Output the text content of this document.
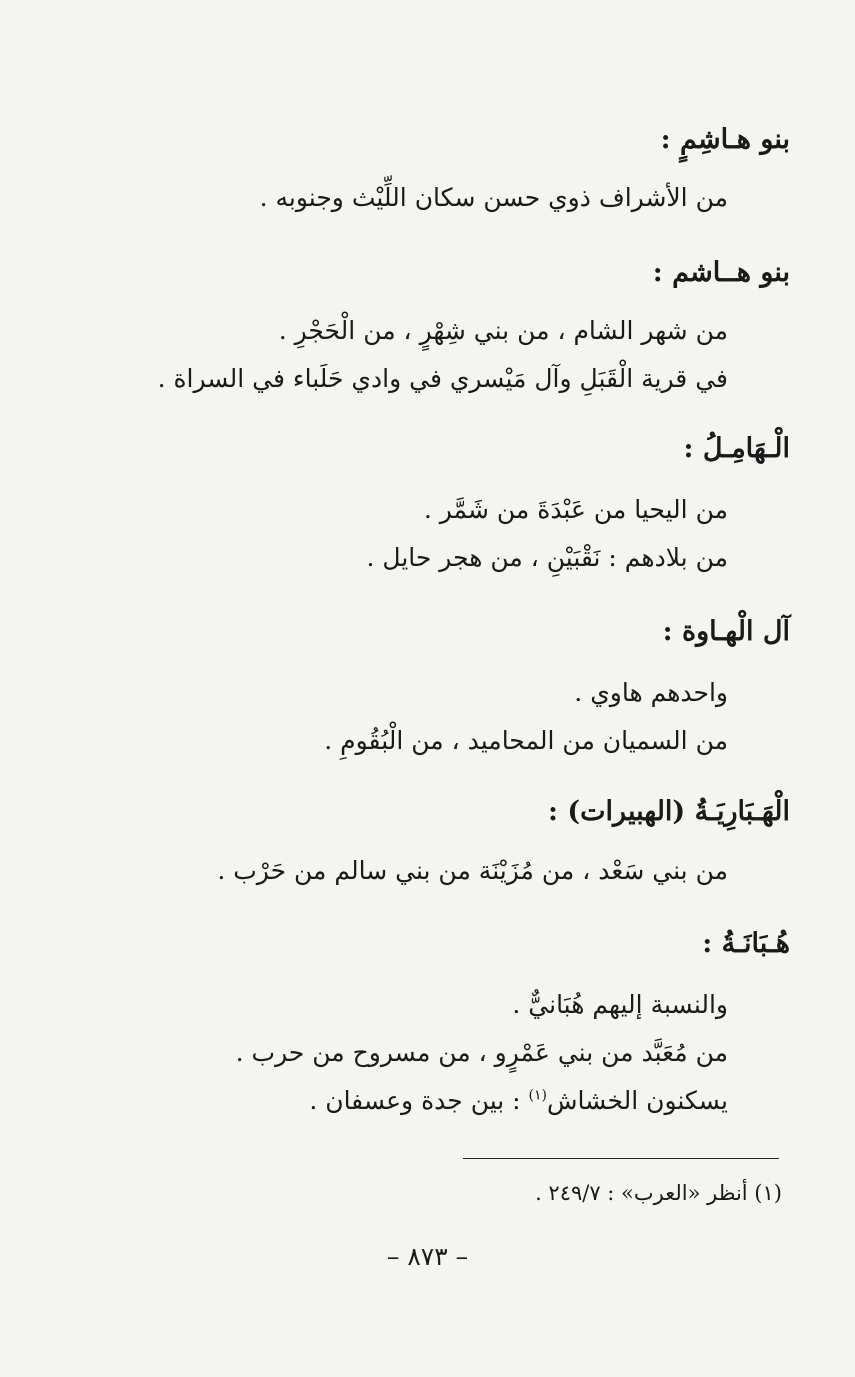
بنو هـاشِمٍ :
من الأشراف ذوي حسن سكان اللِّيْث وجنوبه .
بنو هــاشم :
من شهر الشام ، من بني شِهْرٍ ، من الْحَجْرِ .
في قرية الْقَبَلِ وآل مَيْسري في وادي حَلَباء في السراة .
الْـهَامِـلُ :
من اليحيا من عَبْدَةَ من شَمَّر .
من بلادهم : نَقْبَيْنِ ، من هجر حايل .
آل الْهـاوة :
واحدهم هاوي .
من السميان من المحاميد ، من الْبُقُومِ .
الْهَـبَارِيَـةُ (الهبيرات) :
من بني سَعْد ، من مُزَيْنَة من بني سالم من حَرْب .
هُـبَانَـةُ :
والنسبة إليهم هُبَانيٌّ .
من مُعَبَّد من بني عَمْرٍو ، من مسروح من حرب .
يسكنون الخشاش$^{(١)}$ : بين جدة وعسفان .
(١) أنظر «العرب» : ٢٤٩/٧ .
– ٨٧٣ –
